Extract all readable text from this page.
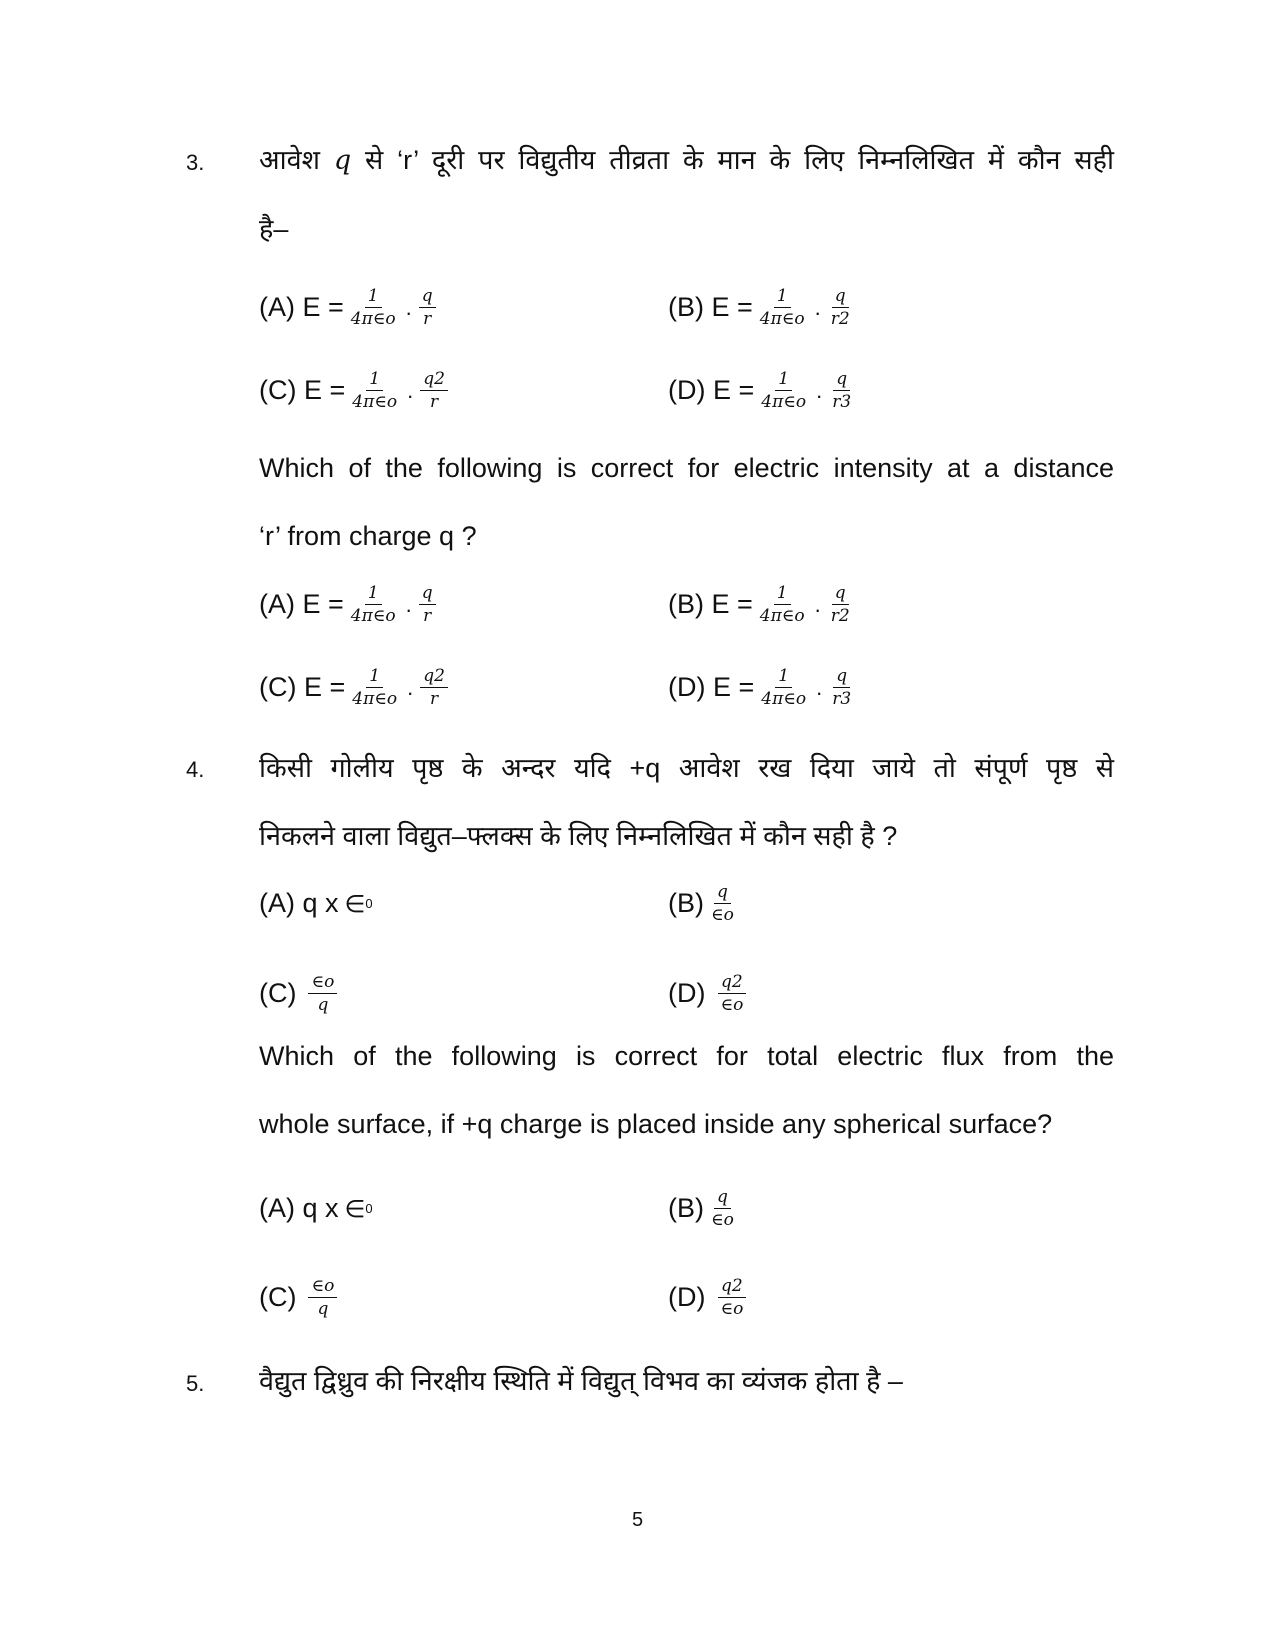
3. आवेश q से ‘r’ दूरी पर विद्युतीय तीव्रता के मान के लिए निम्नलिखित में कौन सही
है–
(A) $E = \frac{1}{4\pi\in o}$ . $\frac{q}{r}$	(B) $E = \frac{1}{4\pi\in o}$ . $\frac{q}{r2}$
(C) $E = \frac{1}{4\pi\in o}$ . $\frac{q2}{r}$	(D) $E = \frac{1}{4\pi\in o}$ . $\frac{q}{r3}$
Which of the following is correct for electric intensity at a distance
‘r’ from charge q ?
(A) $E = \frac{1}{4\pi\in o}$ . $\frac{q}{r}$	(B) $E = \frac{1}{4\pi\in o}$ . $\frac{q}{r2}$
(C) $E = \frac{1}{4\pi\in o}$ . $\frac{q2}{r}$	(D) $E = \frac{1}{4\pi\in o}$ . $\frac{q}{r3}$
4. किसी गोलीय पृष्ठ के अन्दर यदि +q आवेश रख दिया जाये तो संपूर्ण पृष्ठ से
निकलने वाला विद्युत–फ्लक्स के लिए निम्नलिखित में कौन सही है ?
(A) q x ∈ 0	$(B) \frac{q}{\in o}$
$(C) \frac{\in o}{q}$	$(D) \frac{q2}{\in o}$
Which of the following is correct for total electric flux from the
whole surface, if +q charge is placed inside any spherical surface?
(A) q x ∈ 0	$(B) \frac{q}{\in o}$
$(C) \frac{\in o}{q}$	$(D) \frac{q2}{\in o}$
5. वैद्युत द्विध्रुव की निरक्षीय स्थिति में विद्युत् विभव का व्यंजक होता है –
5
